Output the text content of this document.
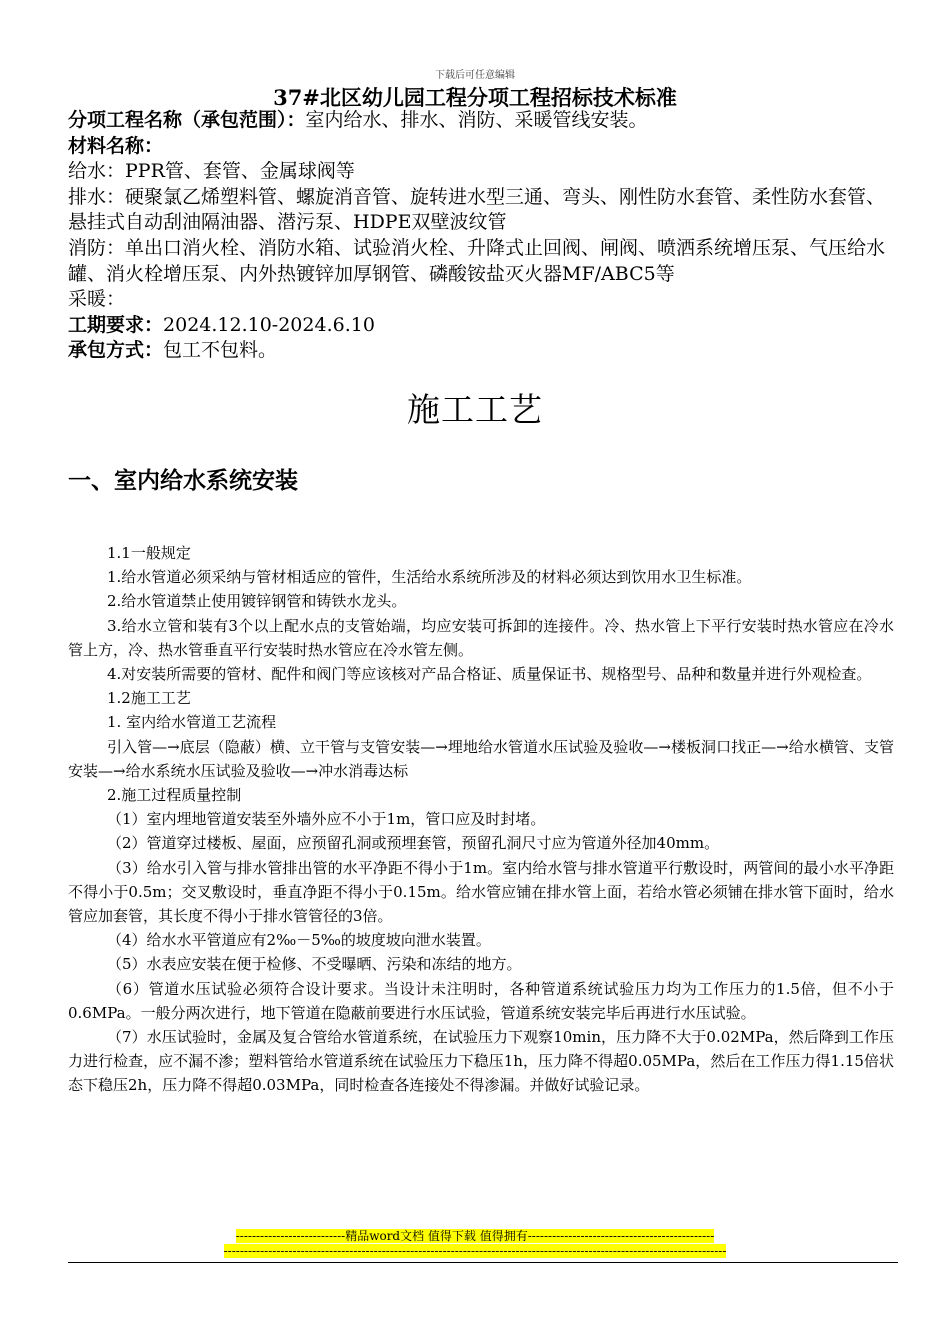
下载后可任意编辑
37#北区幼儿园工程分项工程招标技术标准

分项工程名称（承包范围）：室内给水、排水、消防、采暖管线安装。

材料名称：

给水：PPR管、套管、金属球阀等

排水：硬聚氯乙烯塑料管、螺旋消音管、旋转进水型三通、弯头、刚性防水套管、柔性防水套管、悬挂式自动刮油隔油器、潜污泵、HDPE双壁波纹管

消防：单出口消火栓、消防水箱、试验消火栓、升降式止回阀、闸阀、喷洒系统增压泵、气压给水罐、消火栓增压泵、内外热镀锌加厚钢管、磷酸铵盐灭火器MF/ABC5等

采暖：

工期要求：2024.12.10-2024.6.10

承包方式：包工不包料。

施工工艺
一、室内给水系统安装

1.1一般规定

1.给水管道必须采纳与管材相适应的管件，生活给水系统所涉及的材料必须达到饮用水卫生标准。

2.给水管道禁止使用镀锌钢管和铸铁水龙头。

3.给水立管和装有3个以上配水点的支管始端，均应安装可拆卸的连接件。冷、热水管上下平行安装时热水管应在冷水管上方，冷、热水管垂直平行安装时热水管应在冷水管左侧。

4.对安装所需要的管材、配件和阀门等应该核对产品合格证、质量保证书、规格型号、品种和数量并进行外观检查。

1.2施工工艺

1. 室内给水管道工艺流程

引入管—→底层（隐蔽）横、立干管与支管安装—→埋地给水管道水压试验及验收—→楼板洞口找正—→给水横管、支管安装—→给水系统水压试验及验收—→冲水消毒达标

2.施工过程质量控制

（1）室内埋地管道安装至外墙外应不小于1m，管口应及时封堵。

（2）管道穿过楼板、屋面，应预留孔洞或预埋套管，预留孔洞尺寸应为管道外径加40mm。

（3）给水引入管与排水管排出管的水平净距不得小于1m。室内给水管与排水管道平行敷设时，两管间的最小水平净距不得小于0.5m；交叉敷设时，垂直净距不得小于0.15m。给水管应铺在排水管上面，若给水管必须铺在排水管下面时，给水管应加套管，其长度不得小于排水管管径的3倍。

（4）给水水平管道应有2‰－5‰的坡度坡向泄水装置。

（5）水表应安装在便于检修、不受曝晒、污染和冻结的地方。

（6）管道水压试验必须符合设计要求。当设计未注明时，各种管道系统试验压力均为工作压力的1.5倍，但不小于0.6MPa。一般分两次进行，地下管道在隐蔽前要进行水压试验，管道系统安装完毕后再进行水压试验。

（7）水压试验时，金属及复合管给水管道系统，在试验压力下观察10min，压力降不大于0.02MPa，然后降到工作压力进行检查，应不漏不渗；塑料管给水管道系统在试验压力下稳压1h，压力降不得超0.05MPa，然后在工作压力得1.15倍状态下稳压2h，压力降不得超0.03MPa，同时检查各连接处不得渗漏。并做好试验记录。

---------------------------精品word文档 值得下载 值得拥有----------------------------------------------
----------------------------------------------------------------------------------------------------------------------------
